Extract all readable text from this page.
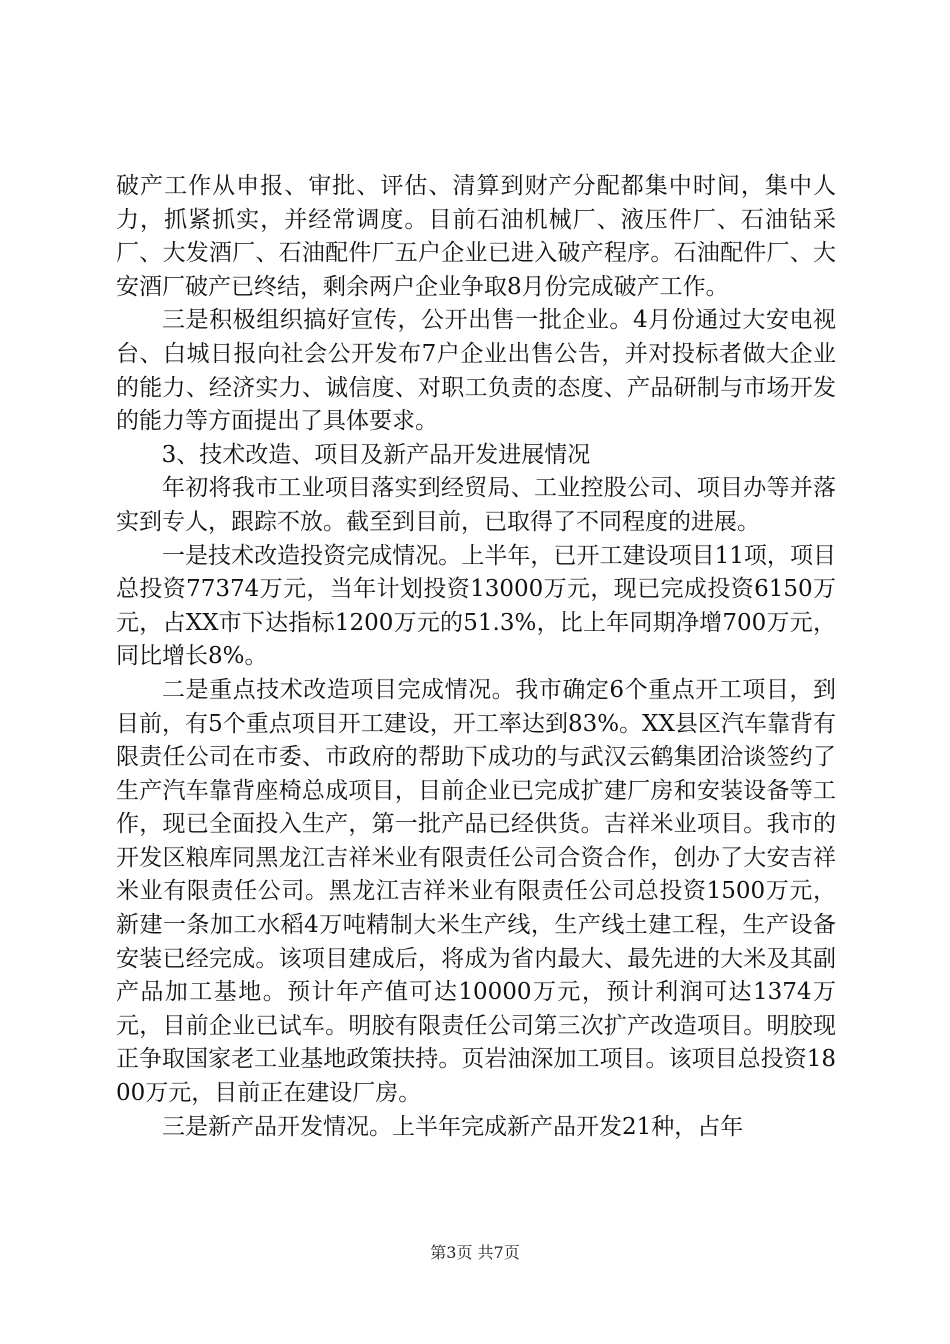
破产工作从申报、审批、评估、清算到财产分配都集中时间，集中人力，抓紧抓实，并经常调度。目前石油机械厂、液压件厂、石油钻采厂、大发酒厂、石油配件厂五户企业已进入破产程序。石油配件厂、大安酒厂破产已终结，剩余两户企业争取8月份完成破产工作。

三是积极组织搞好宣传，公开出售一批企业。4月份通过大安电视台、白城日报向社会公开发布7户企业出售公告，并对投标者做大企业的能力、经济实力、诚信度、对职工负责的态度、产品研制与市场开发的能力等方面提出了具体要求。

3、技术改造、项目及新产品开发进展情况

年初将我市工业项目落实到经贸局、工业控股公司、项目办等并落实到专人，跟踪不放。截至到目前，已取得了不同程度的进展。

一是技术改造投资完成情况。上半年，已开工建设项目11项，项目总投资77374万元，当年计划投资13000万元，现已完成投资6150万元，占XX市下达指标1200万元的51.3%，比上年同期净增700万元，同比增长8%。

二是重点技术改造项目完成情况。我市确定6个重点开工项目，到目前，有5个重点项目开工建设，开工率达到83%。XX县区汽车靠背有限责任公司在市委、市政府的帮助下成功的与武汉云鹤集团洽谈签约了生产汽车靠背座椅总成项目，目前企业已完成扩建厂房和安装设备等工作，现已全面投入生产，第一批产品已经供货。吉祥米业项目。我市的开发区粮库同黑龙江吉祥米业有限责任公司合资合作，创办了大安吉祥米业有限责任公司。黑龙江吉祥米业有限责任公司总投资1500万元，新建一条加工水稻4万吨精制大米生产线，生产线土建工程，生产设备安装已经完成。该项目建成后，将成为省内最大、最先进的大米及其副产品加工基地。预计年产值可达10000万元，预计利润可达1374万元，目前企业已试车。明胶有限责任公司第三次扩产改造项目。明胶现正争取国家老工业基地政策扶持。页岩油深加工项目。该项目总投资1800万元，目前正在建设厂房。

三是新产品开发情况。上半年完成新产品开发21种，占年

第3页 共7页
